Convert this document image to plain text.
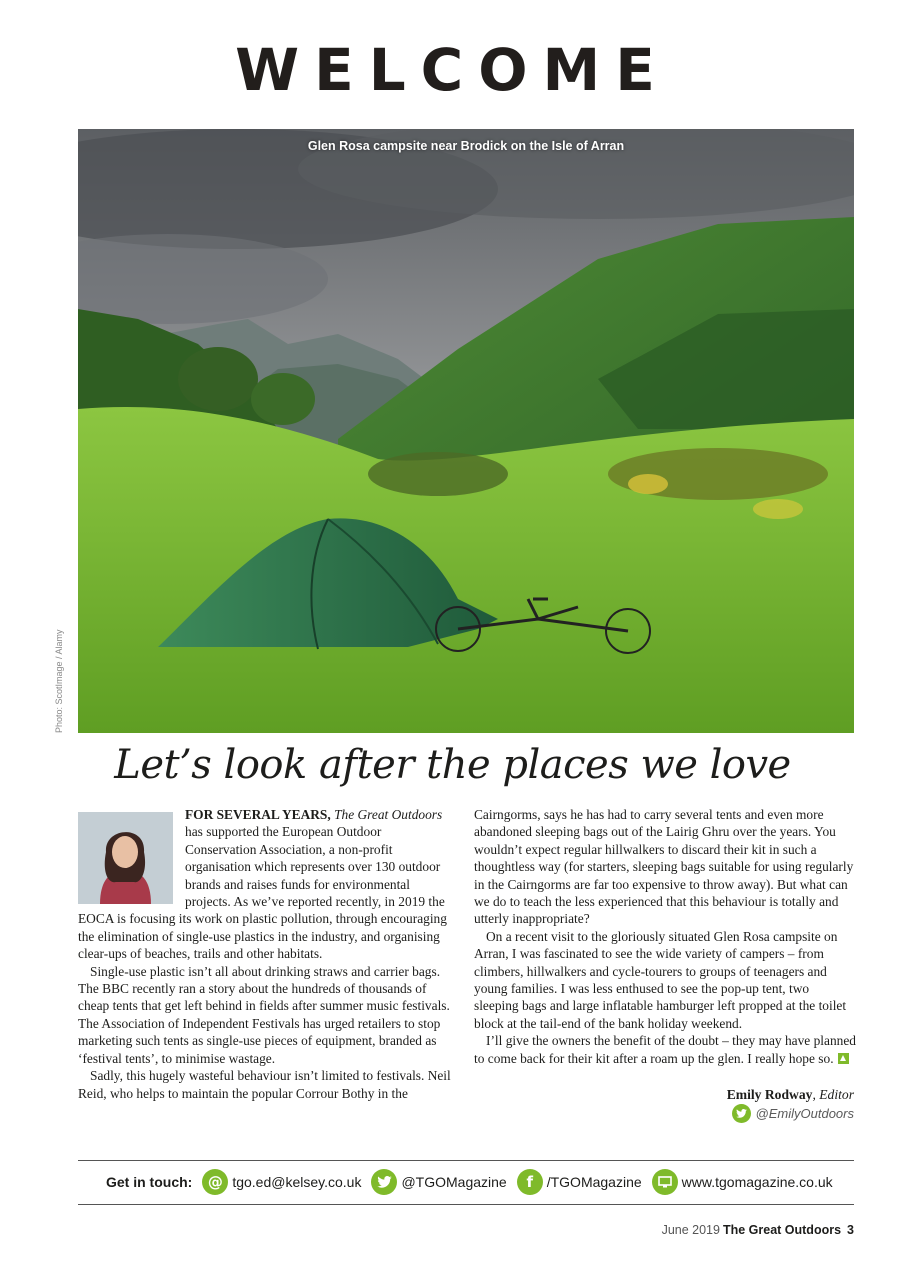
WELCOME
Glen Rosa campsite near Brodick on the Isle of Arran
Photo: ScotImage / Alamy
Let’s look after the places we love

FOR SEVERAL YEARS, The Great Outdoors has supported the European Outdoor Conservation Association, a non-profit organisation which represents over 130 outdoor brands and raises funds for environmental projects. As we’ve reported recently, in 2019 the EOCA is focusing its work on plastic pollution, through encouraging the elimination of single-use plastics in the industry, and organising clear-ups of beaches, trails and other habitats.

Single-use plastic isn’t all about drinking straws and carrier bags. The BBC recently ran a story about the hundreds of thousands of cheap tents that get left behind in fields after summer music festivals. The Association of Independent Festivals has urged retailers to stop marketing such tents as single-use pieces of equipment, branded as ‘festival tents’, to minimise wastage.

Sadly, this hugely wasteful behaviour isn’t limited to festivals. Neil Reid, who helps to maintain the popular Corrour Bothy in the

Cairngorms, says he has had to carry several tents and even more abandoned sleeping bags out of the Lairig Ghru over the years. You wouldn’t expect regular hillwalkers to discard their kit in such a thoughtless way (for starters, sleeping bags suitable for using regularly in the Cairngorms are far too expensive to throw away). But what can we do to teach the less experienced that this behaviour is totally and utterly inappropriate?

On a recent visit to the gloriously situated Glen Rosa campsite on Arran, I was fascinated to see the wide variety of campers – from climbers, hillwalkers and cycle-tourers to groups of teenagers and young families. I was less enthused to see the pop-up tent, two sleeping bags and large inflatable hamburger left propped at the toilet block at the tail-end of the bank holiday weekend.

I’ll give the owners the benefit of the doubt – they may have planned to come back for their kit after a roam up the glen. I really hope so.

Emily Rodway, Editor
@EmilyOutdoors
Get in touch:	@ tgo.ed@kelsey.co.uk	@TGOMagazine	f /TGOMagazine	www.tgomagazine.co.uk
June 2019 The Great Outdoors 3
